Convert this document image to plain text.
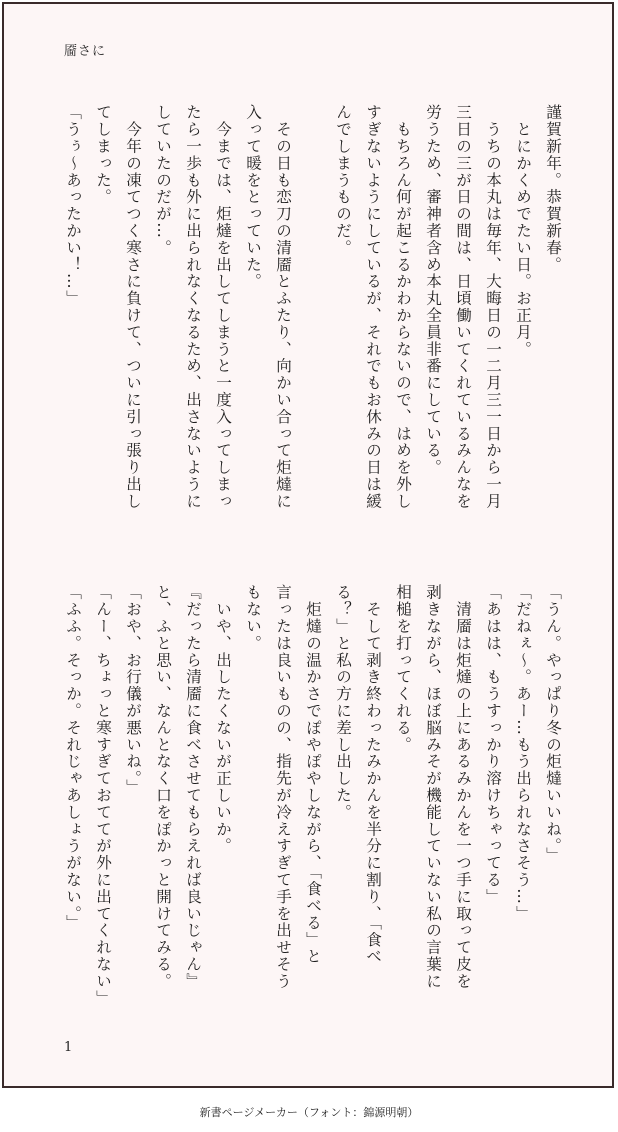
靥さに
謹賀新年。恭賀新春。
　とにかくめでたい日。お正月。
　うちの本丸は毎年、大晦日の一二月三一日から一月
三日の三が日の間は、日頃働いてくれているみんなを
労うため、審神者含め本丸全員非番にしている。
　もちろん何が起こるかわからないので、はめを外し
すぎないようにしているが、それでもお休みの日は緩
んでしまうものだ。

　その日も恋刀の清靥とふたり、向かい合って炬燵に
入って暖をとっていた。
　今までは、炬燵を出してしまうと一度入ってしまっ
たら一歩も外に出られなくなるため、出さないように
していたのだが…。
　今年の凍てつく寒さに負けて、ついに引っ張り出し
てしまった。
「うぅ〜あったかい！…」
「うん。やっぱり冬の炬燵いいね。」
「だねぇ〜。あー…もう出られなさそう…」
「あはは、もうすっかり溶けちゃってる」
　清靥は炬燵の上にあるみかんを一つ手に取って皮を
剥きながら、ほぼ脳みそが機能していない私の言葉に
相槌を打ってくれる。
　そして剥き終わったみかんを半分に割り、「食べ
る？」と私の方に差し出した。
　炬燵の温かさでぽやぽやしながら、「食べる」と
言ったは良いものの、指先が冷えすぎて手を出せそう
もない。
　いや、出したくないが正しいか。
『だったら清靥に食べさせてもらえれば良いじゃん』
と、ふと思い、なんとなく口をぽかっと開けてみる。
「おや、お行儀が悪いね。」
「んー、ちょっと寒すぎておててが外に出てくれない」
「ふふ。そっか。それじゃあしょうがない。」
1
新書ページメーカー（フォント：錦源明朝）
